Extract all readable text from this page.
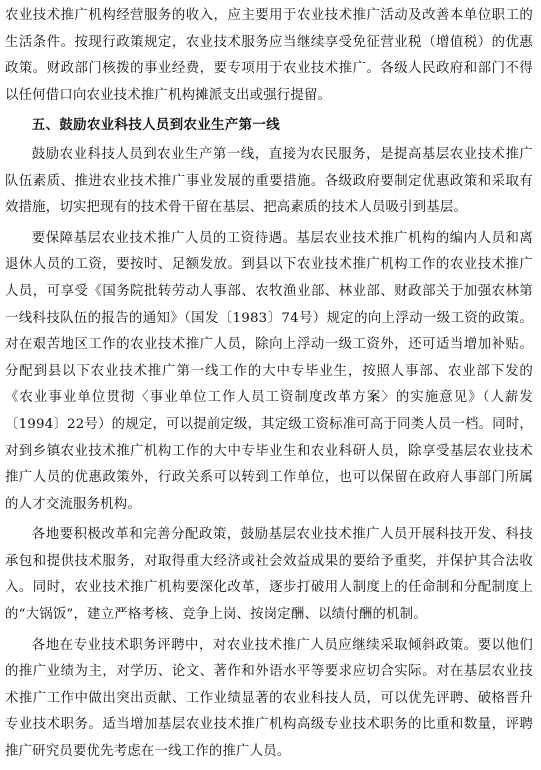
农业技术推广机构经营服务的收入，应主要用于农业技术推广活动及改善本单位职工的生活条件。按现行政策规定，农业技术服务应当继续享受免征营业税（增值税）的优惠政策。财政部门核拨的事业经费，要专项用于农业技术推广。各级人民政府和部门不得以任何借口向农业技术推广机构摊派支出或强行提留。

五、鼓励农业科技人员到农业生产第一线

鼓励农业科技人员到农业生产第一线，直接为农民服务，是提高基层农业技术推广队伍素质、推进农业技术推广事业发展的重要措施。各级政府要制定优惠政策和采取有效措施，切实把现有的技术骨干留在基层、把高素质的技术人员吸引到基层。

要保障基层农业技术推广人员的工资待遇。基层农业技术推广机构的编内人员和离退休人员的工资，要按时、足额发放。到县以下农业技术推广机构工作的农业技术推广人员，可享受《国务院批转劳动人事部、农牧渔业部、林业部、财政部关于加强农林第一线科技队伍的报告的通知》（国发〔1983〕74号）规定的向上浮动一级工资的政策。对在艰苦地区工作的农业技术推广人员，除向上浮动一级工资外，还可适当增加补贴。分配到县以下农业技术推广第一线工作的大中专毕业生，按照人事部、农业部下发的《农业事业单位贯彻〈事业单位工作人员工资制度改革方案〉的实施意见》（人薪发〔1994〕22号）的规定，可以提前定级，其定级工资标准可高于同类人员一档。同时，对到乡镇农业技术推广机构工作的大中专毕业生和农业科研人员，除享受基层农业技术推广人员的优惠政策外，行政关系可以转到工作单位，也可以保留在政府人事部门所属的人才交流服务机构。

各地要积极改革和完善分配政策，鼓励基层农业技术推广人员开展科技开发、科技承包和提供技术服务，对取得重大经济或社会效益成果的要给予重奖，并保护其合法收入。同时，农业技术推广机构要深化改革，逐步打破用人制度上的任命制和分配制度上的“大锅饭”，建立严格考核、竞争上岗、按岗定酬、以绩付酬的机制。

各地在专业技术职务评聘中，对农业技术推广人员应继续采取倾斜政策。要以他们的推广业绩为主，对学历、论文、著作和外语水平等要求应切合实际。对在基层农业技术推广工作中做出突出贡献、工作业绩显著的农业科技人员，可以优先评聘、破格晋升专业技术职务。适当增加基层农业技术推广机构高级专业技术职务的比重和数量，评聘推广研究员要优先考虑在一线工作的推广人员。
